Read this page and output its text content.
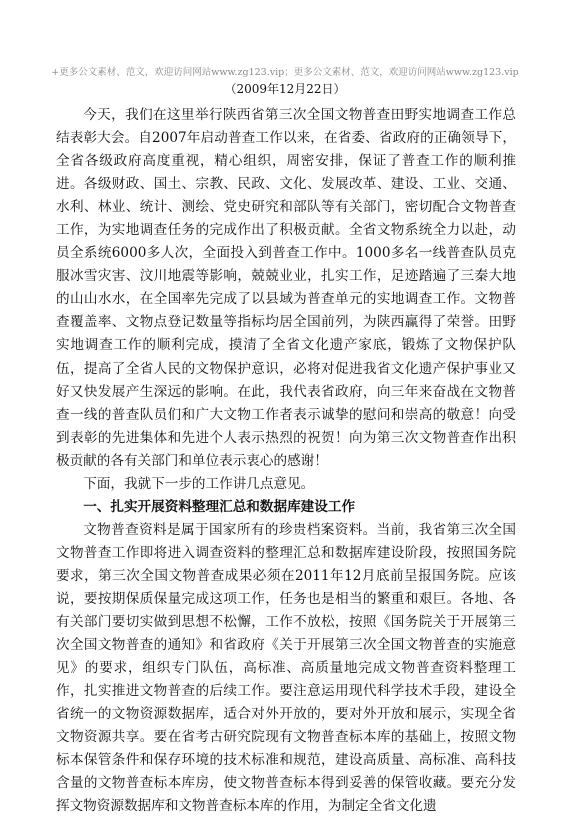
+更多公文素材、范文，欢迎访问网站www.zg123.vip；更多公文素材、范文，欢迎访问网站www.zg123.vip
（2009年12月22日）

今天，我们在这里举行陕西省第三次全国文物普查田野实地调查工作总结表彰大会。自2007年启动普查工作以来，在省委、省政府的正确领导下，全省各级政府高度重视，精心组织，周密安排，保证了普查工作的顺利推进。各级财政、国土、宗教、民政、文化、发展改革、建设、工业、交通、水利、林业、统计、测绘、党史研究和部队等有关部门，密切配合文物普查工作，为实地调查任务的完成作出了积极贡献。全省文物系统全力以赴，动员全系统6000多人次，全面投入到普查工作中。1000多名一线普查队员克服冰雪灾害、汶川地震等影响，兢兢业业，扎实工作，足迹踏遍了三秦大地的山山水水，在全国率先完成了以县域为普查单元的实地调查工作。文物普查覆盖率、文物点登记数量等指标均居全国前列，为陕西赢得了荣誉。田野实地调查工作的顺利完成，摸清了全省文化遗产家底，锻炼了文物保护队伍，提高了全省人民的文物保护意识，必将对促进我省文化遗产保护事业又好又快发展产生深远的影响。在此，我代表省政府，向三年来奋战在文物普查一线的普查队员们和广大文物工作者表示诚挚的慰问和崇高的敬意！向受到表彰的先进集体和先进个人表示热烈的祝贺！向为第三次文物普查作出积极贡献的各有关部门和单位表示衷心的感谢！

下面，我就下一步的工作讲几点意见。

一、扎实开展资料整理汇总和数据库建设工作

文物普查资料是属于国家所有的珍贵档案资料。当前，我省第三次全国文物普查工作即将进入调查资料的整理汇总和数据库建设阶段，按照国务院要求，第三次全国文物普查成果必须在2011年12月底前呈报国务院。应该说，要按期保质保量完成这项工作，任务也是相当的繁重和艰巨。各地、各有关部门要切实做到思想不松懈，工作不放松，按照《国务院关于开展第三次全国文物普查的通知》和省政府《关于开展第三次全国文物普查的实施意见》的要求，组织专门队伍，高标准、高质量地完成文物普查资料整理工作，扎实推进文物普查的后续工作。要注意运用现代科学技术手段，建设全省统一的文物资源数据库，适合对外开放的，要对外开放和展示，实现全省文物资源共享。要在省考古研究院现有文物普查标本库的基础上，按照文物标本保管条件和保存环境的技术标准和规范，建设高质量、高标准、高科技含量的文物普查标本库房，使文物普查标本得到妥善的保管收藏。要充分发挥文物资源数据库和文物普查标本库的作用，为制定全省文化遗
